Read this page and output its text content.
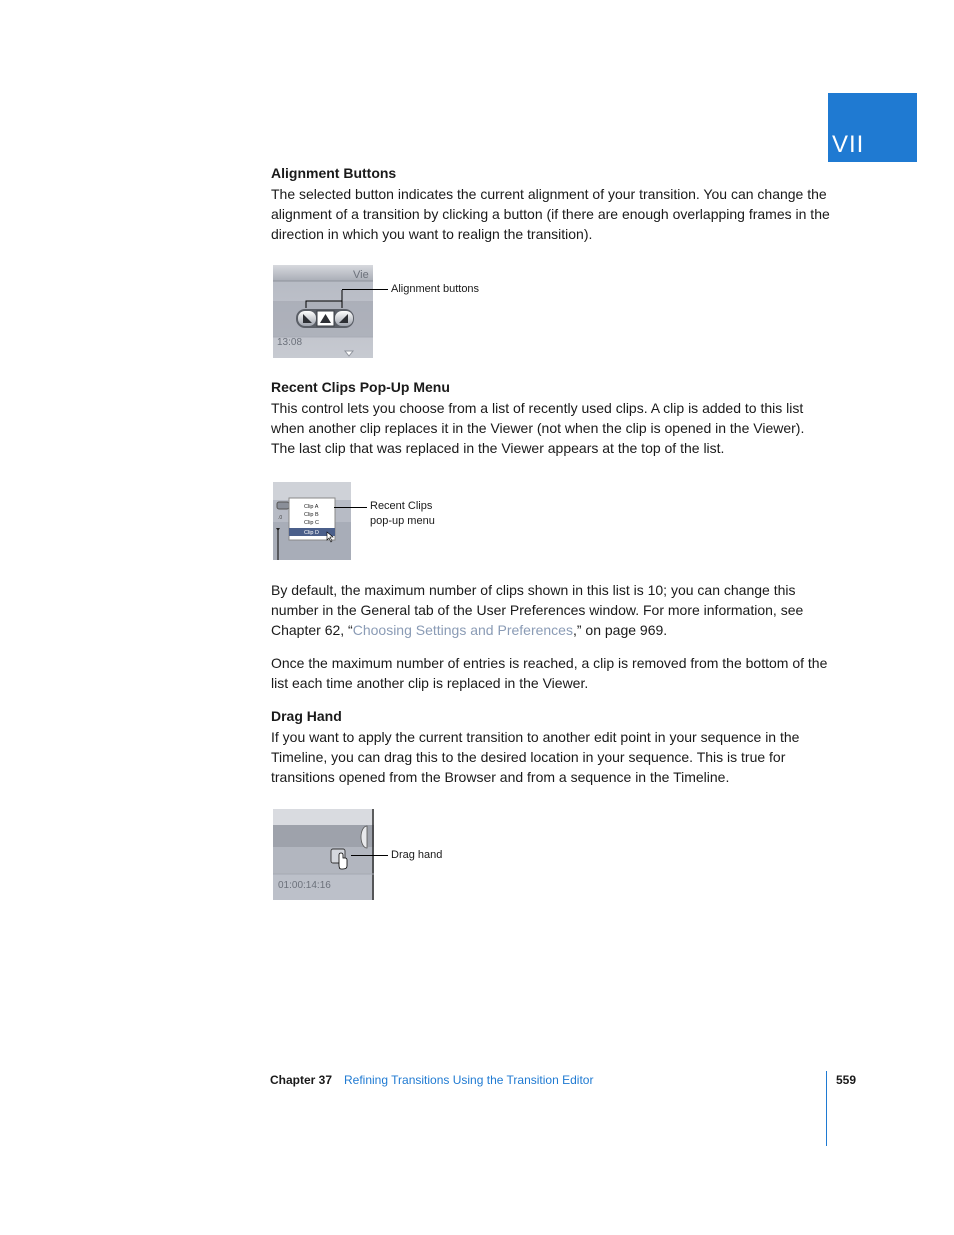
VII
Alignment Buttons

The selected button indicates the current alignment of your transition. You can change the alignment of a transition by clicking a button (if there are enough overlapping frames in the direction in which you want to realign the transition).

Vie
13:08
Alignment buttons
Recent Clips Pop-Up Menu

This control lets you choose from a list of recently used clips. A clip is added to this list when another clip replaces it in the Viewer (not when the clip is opened in the Viewer). The last clip that was replaced in the Viewer appears at the top of the list.

.0
Clip A
Clip B
Clip C
Clip D
Recent Clips
pop-up menu

By default, the maximum number of clips shown in this list is 10; you can change this number in the General tab of the User Preferences window. For more information, see Chapter 62, “Choosing Settings and Preferences,” on page 969.

Once the maximum number of entries is reached, a clip is removed from the bottom of the list each time another clip is replaced in the Viewer.

Drag Hand

If you want to apply the current transition to another edit point in your sequence in the Timeline, you can drag this to the desired location in your sequence. This is true for transitions opened from the Browser and from a sequence in the Timeline.

01:00:14:16
Drag hand
Chapter 37 Refining Transitions Using the Transition Editor	559
